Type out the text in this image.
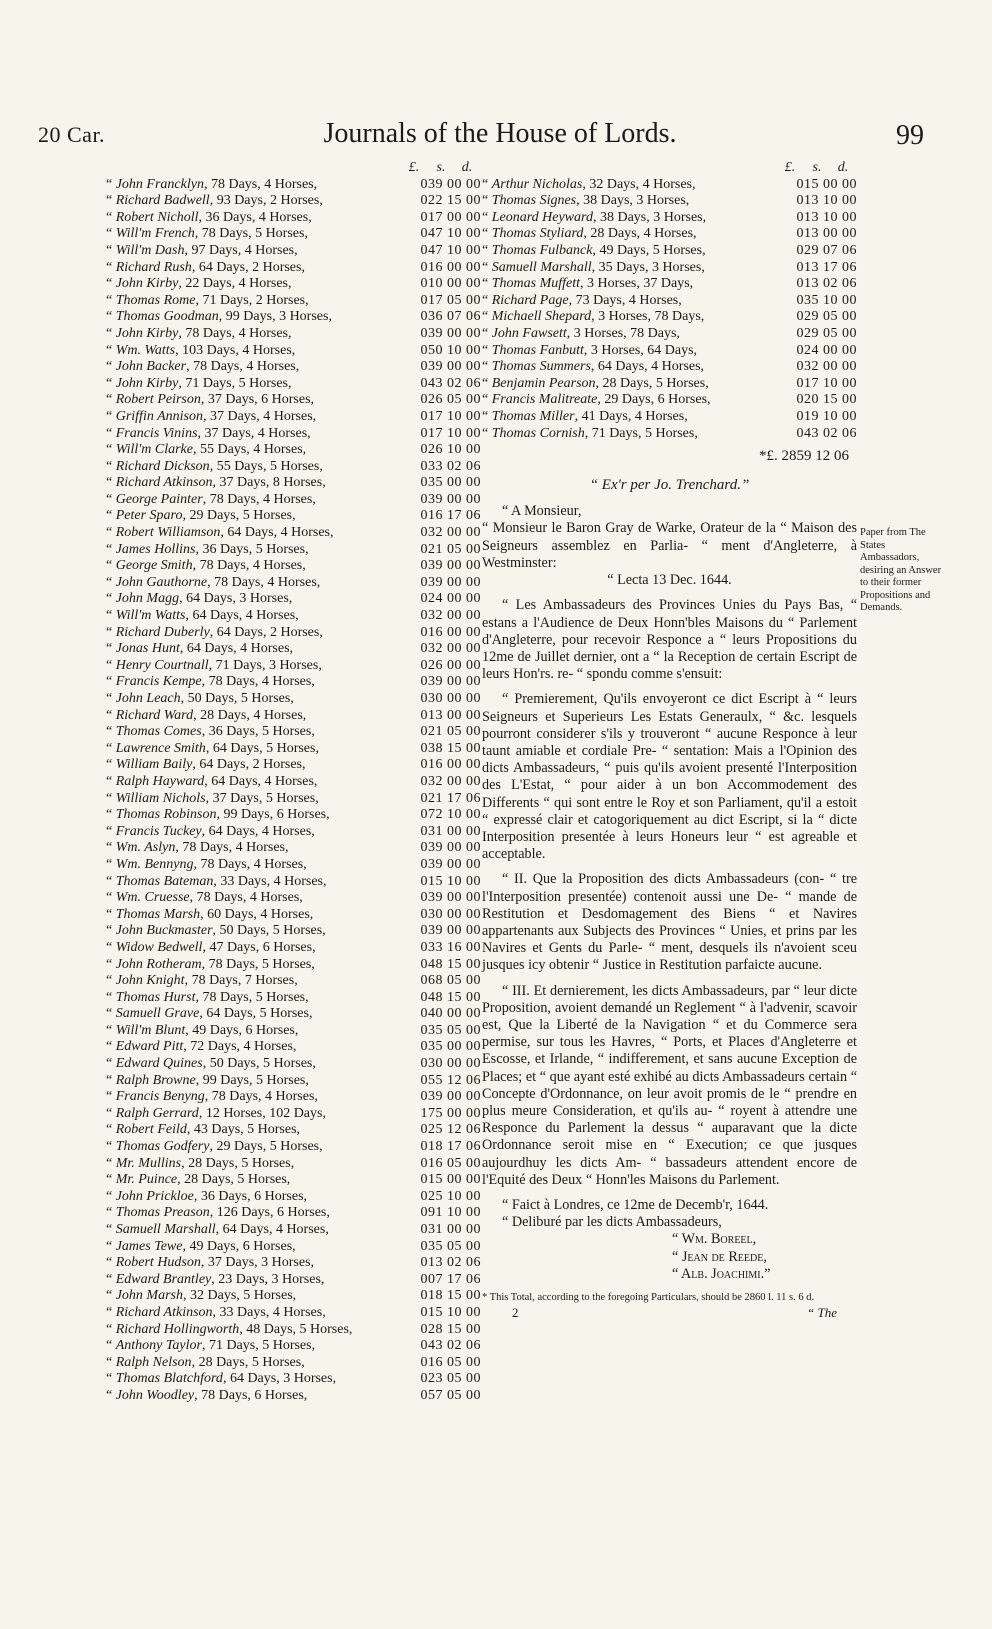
20 Car.	Journals of the House of Lords.	99
£.	s.	d.
“ John Francklyn, 78 Days, 4 Horses,	039 00 00
“ Richard Badwell, 93 Days, 2 Horses,	022 15 00
“ Robert Nicholl, 36 Days, 4 Horses,	017 00 00
“ Will'm French, 78 Days, 5 Horses,	047 10 00
“ Will'm Dash, 97 Days, 4 Horses,	047 10 00
“ Richard Rush, 64 Days, 2 Horses,	016 00 00
“ John Kirby, 22 Days, 4 Horses,	010 00 00
“ Thomas Rome, 71 Days, 2 Horses,	017 05 00
“ Thomas Goodman, 99 Days, 3 Horses,	036 07 06
“ John Kirby, 78 Days, 4 Horses,	039 00 00
“ Wm. Watts, 103 Days, 4 Horses,	050 10 00
“ John Backer, 78 Days, 4 Horses,	039 00 00
“ John Kirby, 71 Days, 5 Horses,	043 02 06
“ Robert Peirson, 37 Days, 6 Horses,	026 05 00
“ Griffin Annison, 37 Days, 4 Horses,	017 10 00
“ Francis Vinins, 37 Days, 4 Horses,	017 10 00
“ Will'm Clarke, 55 Days, 4 Horses,	026 10 00
“ Richard Dickson, 55 Days, 5 Horses,	033 02 06
“ Richard Atkinson, 37 Days, 8 Horses,	035 00 00
“ George Painter, 78 Days, 4 Horses,	039 00 00
“ Peter Sparo, 29 Days, 5 Horses,	016 17 06
“ Robert Williamson, 64 Days, 4 Horses,	032 00 00
“ James Hollins, 36 Days, 5 Horses,	021 05 00
“ George Smith, 78 Days, 4 Horses,	039 00 00
“ John Gauthorne, 78 Days, 4 Horses,	039 00 00
“ John Magg, 64 Days, 3 Horses,	024 00 00
“ Will'm Watts, 64 Days, 4 Horses,	032 00 00
“ Richard Duberly, 64 Days, 2 Horses,	016 00 00
“ Jonas Hunt, 64 Days, 4 Horses,	032 00 00
“ Henry Courtnall, 71 Days, 3 Horses,	026 00 00
“ Francis Kempe, 78 Days, 4 Horses,	039 00 00
“ John Leach, 50 Days, 5 Horses,	030 00 00
“ Richard Ward, 28 Days, 4 Horses,	013 00 00
“ Thomas Comes, 36 Days, 5 Horses,	021 05 00
“ Lawrence Smith, 64 Days, 5 Horses,	038 15 00
“ William Baily, 64 Days, 2 Horses,	016 00 00
“ Ralph Hayward, 64 Days, 4 Horses,	032 00 00
“ William Nichols, 37 Days, 5 Horses,	021 17 06
“ Thomas Robinson, 99 Days, 6 Horses,	072 10 00
“ Francis Tuckey, 64 Days, 4 Horses,	031 00 00
“ Wm. Aslyn, 78 Days, 4 Horses,	039 00 00
“ Wm. Bennyng, 78 Days, 4 Horses,	039 00 00
“ Thomas Bateman, 33 Days, 4 Horses,	015 10 00
“ Wm. Cruesse, 78 Days, 4 Horses,	039 00 00
“ Thomas Marsh, 60 Days, 4 Horses,	030 00 00
“ John Buckmaster, 50 Days, 5 Horses,	039 00 00
“ Widow Bedwell, 47 Days, 6 Horses,	033 16 00
“ John Rotheram, 78 Days, 5 Horses,	048 15 00
“ John Knight, 78 Days, 7 Horses,	068 05 00
“ Thomas Hurst, 78 Days, 5 Horses,	048 15 00
“ Samuell Grave, 64 Days, 5 Horses,	040 00 00
“ Will'm Blunt, 49 Days, 6 Horses,	035 05 00
“ Edward Pitt, 72 Days, 4 Horses,	035 00 00
“ Edward Quines, 50 Days, 5 Horses,	030 00 00
“ Ralph Browne, 99 Days, 5 Horses,	055 12 06
“ Francis Benyng, 78 Days, 4 Horses,	039 00 00
“ Ralph Gerrard, 12 Horses, 102 Days,	175 00 00
“ Robert Feild, 43 Days, 5 Horses,	025 12 06
“ Thomas Godfery, 29 Days, 5 Horses,	018 17 06
“ Mr. Mullins, 28 Days, 5 Horses,	016 05 00
“ Mr. Puince, 28 Days, 5 Horses,	015 00 00
“ John Prickloe, 36 Days, 6 Horses,	025 10 00
“ Thomas Preason, 126 Days, 6 Horses,	091 10 00
“ Samuell Marshall, 64 Days, 4 Horses,	031 00 00
“ James Tewe, 49 Days, 6 Horses,	035 05 00
“ Robert Hudson, 37 Days, 3 Horses,	013 02 06
“ Edward Brantley, 23 Days, 3 Horses,	007 17 06
“ John Marsh, 32 Days, 5 Horses,	018 15 00
“ Richard Atkinson, 33 Days, 4 Horses,	015 10 00
“ Richard Hollingworth, 48 Days, 5 Horses,	028 15 00
“ Anthony Taylor, 71 Days, 5 Horses,	043 02 06
“ Ralph Nelson, 28 Days, 5 Horses,	016 05 00
“ Thomas Blatchford, 64 Days, 3 Horses,	023 05 00
“ John Woodley, 78 Days, 6 Horses,	057 05 00
£.	s.	d.
“ Arthur Nicholas, 32 Days, 4 Horses,	015 00 00
“ Thomas Signes, 38 Days, 3 Horses,	013 10 00
“ Leonard Heyward, 38 Days, 3 Horses,	013 10 00
“ Thomas Styliard, 28 Days, 4 Horses,	013 00 00
“ Thomas Fulbanck, 49 Days, 5 Horses,	029 07 06
“ Samuell Marshall, 35 Days, 3 Horses,	013 17 06
“ Thomas Muffett, 3 Horses, 37 Days,	013 02 06
“ Richard Page, 73 Days, 4 Horses,	035 10 00
“ Michaell Shepard, 3 Horses, 78 Days,	029 05 00
“ John Fawsett, 3 Horses, 78 Days,	029 05 00
“ Thomas Fanbutt, 3 Horses, 64 Days,	024 00 00
“ Thomas Summers, 64 Days, 4 Horses,	032 00 00
“ Benjamin Pearson, 28 Days, 5 Horses,	017 10 00
“ Francis Malitreate, 29 Days, 6 Horses,	020 15 00
“ Thomas Miller, 41 Days, 4 Horses,	019 10 00
“ Thomas Cornish, 71 Days, 5 Horses,	043 02 06
*£. 2859 12 06
“ Ex'r per Jo. Trenchard.”

“ A Monsieur,

“ Monsieur le Baron Gray de Warke, Orateur de la “ Maison des Seigneurs assemblez en Parlia- “ ment d'Angleterre, à Westminster:

“ Lecta 13 Dec. 1644.

“ Les Ambassadeurs des Provinces Unies du Pays Bas, “ estans a l'Audience de Deux Honn'bles Maisons du “ Parlement d'Angleterre, pour recevoir Responce a “ leurs Propositions du 12me de Juillet dernier, ont a “ la Reception de certain Escript de leurs Hon'rs. re- “ spondu comme s'ensuit:

“ Premierement, Qu'ils envoyeront ce dict Escript à “ leurs Seigneurs et Superieurs Les Estats Generaulx, “ &c. lesquels pourront considerer s'ils y trouveront “ aucune Responce à leur taunt amiable et cordiale Pre- “ sentation: Mais a l'Opinion des dicts Ambassadeurs, “ puis qu'ils avoient presenté l'Interposition des L'Estat, “ pour aider à un bon Accommodement des Differents “ qui sont entre le Roy et son Parliament, qu'il a estoit “ expressé clair et catogoriquement au dict Escript, si la “ dicte Interposition presentée à leurs Honeurs leur “ est agreable et acceptable.

“ II. Que la Proposition des dicts Ambassadeurs (con- “ tre l'Interposition presentée) contenoit aussi une De- “ mande de Restitution et Desdomagement des Biens “ et Navires appartenants aux Subjects des Provinces “ Unies, et prins par les Navires et Gents du Parle- “ ment, desquels ils n'avoient sceu jusques icy obtenir “ Justice in Restitution parfaicte aucune.

“ III. Et dernierement, les dicts Ambassadeurs, par “ leur dicte Proposition, avoient demandé un Reglement “ à l'advenir, scavoir est, Que la Liberté de la Navigation “ et du Commerce sera permise, sur tous les Havres, “ Ports, et Places d'Angleterre et Escosse, et Irlande, “ indifferement, et sans aucune Exception de Places; et “ que ayant esté exhibé au dicts Ambassadeurs certain “ Concepte d'Ordonnance, on leur avoit promis de le “ prendre en plus meure Consideration, et qu'ils au- “ royent à attendre une Responce du Parlement la dessus “ auparavant que la dicte Ordonnance seroit mise en “ Execution; ce que jusques aujourdhuy les dicts Am- “ bassadeurs attendent encore de l'Equité des Deux “ Honn'les Maisons du Parlement.

“ Faict à Londres, ce 12me de Decemb'r, 1644.

“ Deliburé par les dicts Ambassadeurs,

“ Wm. Boreel,

“ Jean de Reede,

“ Alb. Joachimi.”

* This Total, according to the foregoing Particulars, should be 2860 l. 11 s. 6 d.
2	“ The
Paper from The States Ambassadors, desiring an Answer to their former Propositions and Demands.
